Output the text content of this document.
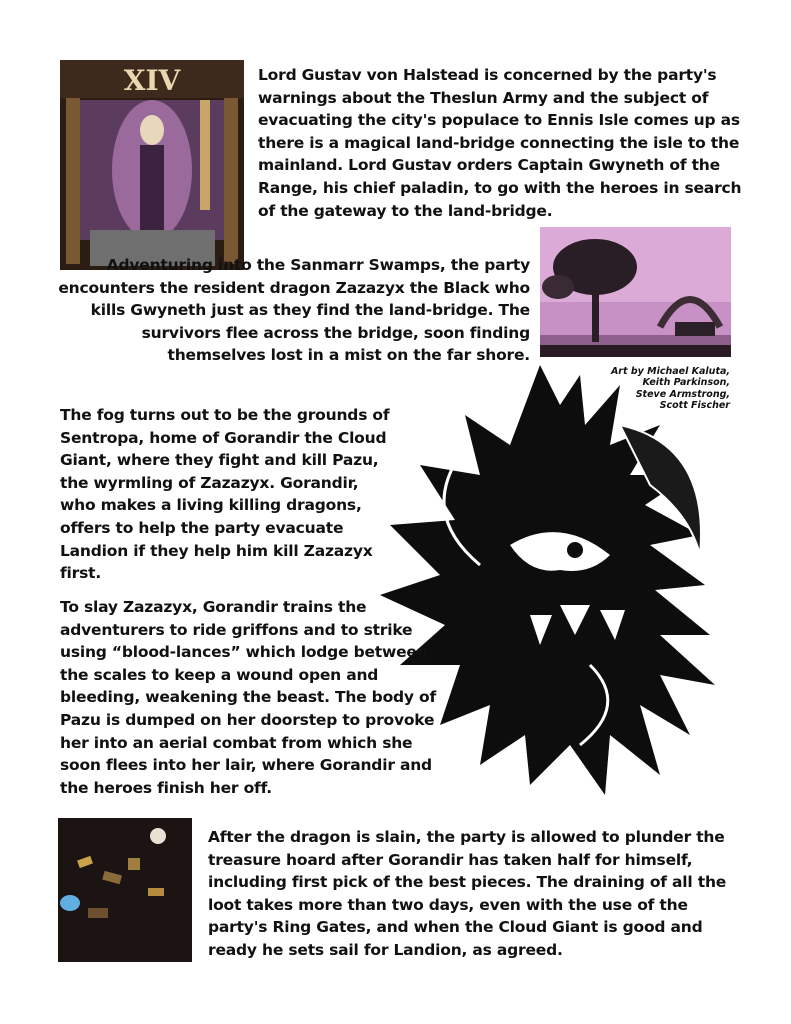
XIV	Lord Gustav von Halstead is concerned by the party's warnings about the Theslun Army and the subject of evacuating the city's populace to Ennis Isle comes up as there is a magical land-bridge connecting the isle to the mainland. Lord Gustav orders Captain Gwyneth of the Range, his chief paladin, to go with the heroes in search of the gateway to the land-bridge.
Adventuring into the Sanmarr Swamps, the party encounters the resident dragon Zazazyx the Black who kills Gwyneth just as they find the land-bridge. The survivors flee across the bridge, soon finding themselves lost in a mist on the far shore.
Art by Michael Kaluta,
Keith Parkinson,
Steve Armstrong,
Scott Fischer
The fog turns out to be the grounds of Sentropa, home of Gorandir the Cloud Giant, where they fight and kill Pazu, the wyrmling of Zazazyx. Gorandir, who makes a living killing dragons, offers to help the party evacuate Landion if they help him kill Zazazyx first.
To slay Zazazyx, Gorandir trains the adventurers to ride griffons and to strike using “blood-lances” which lodge between the scales to keep a wound open and bleeding, weakening the beast. The body of Pazu is dumped on her doorstep to provoke her into an aerial combat from which she soon flees into her lair, where Gorandir and the heroes finish her off.
After the dragon is slain, the party is allowed to plunder the treasure hoard after Gorandir has taken half for himself, including first pick of the best pieces. The draining of all the loot takes more than two days, even with the use of the party's Ring Gates, and when the Cloud Giant is good and ready he sets sail for Landion, as agreed.
